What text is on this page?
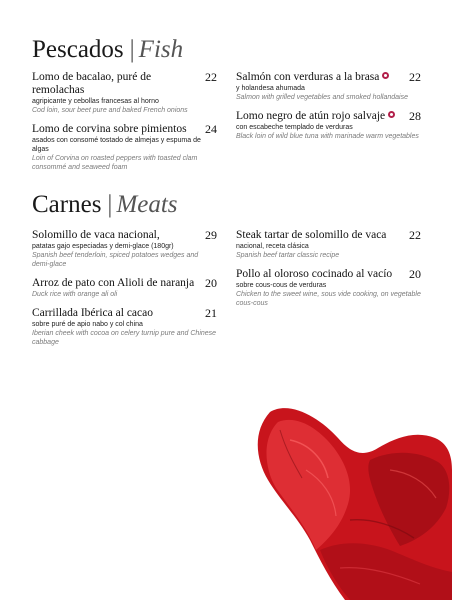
Pescados | Fish
Lomo de bacalao, puré de remolachas
22
agripicante y cebollas francesas al horno
Cod loin, sour beet pure and baked French onions
Lomo de corvina sobre pimientos	24
asados con consomé tostado de almejas y espuma de algas
Loin of Corvina on roasted peppers with toasted clam consommé and seaweed foam
Salmón con verduras a la brasa	22
y holandesa ahumada
Salmon with grilled vegetables and smoked hollandaise
Lomo negro de atún rojo salvaje	28
con escabeche templado de verduras
Black loin of wild blue tuna with marinade warm vegetables
Carnes | Meats
Solomillo de vaca nacional,	29
patatas gajo especiadas y demi-glace (180gr)
Spanish beef tenderloin, spiced potatoes wedges and demi-glace
Arroz de pato con Alioli de naranja 20
Duck rice with orange ali oli
Carrillada Ibérica al cacao	21
sobre puré de apio nabo y col china
Iberian cheek with cocoa on celery turnip pure and Chinese cabbage
Steak tartar de solomillo de vaca	22
nacional, receta clásica
Spanish beef tartar classic recipe
Pollo al oloroso cocinado al vacío	20
sobre cous-cous de verduras
Chicken to the sweet wine, sous vide cooking, on vegetable cous-cous
